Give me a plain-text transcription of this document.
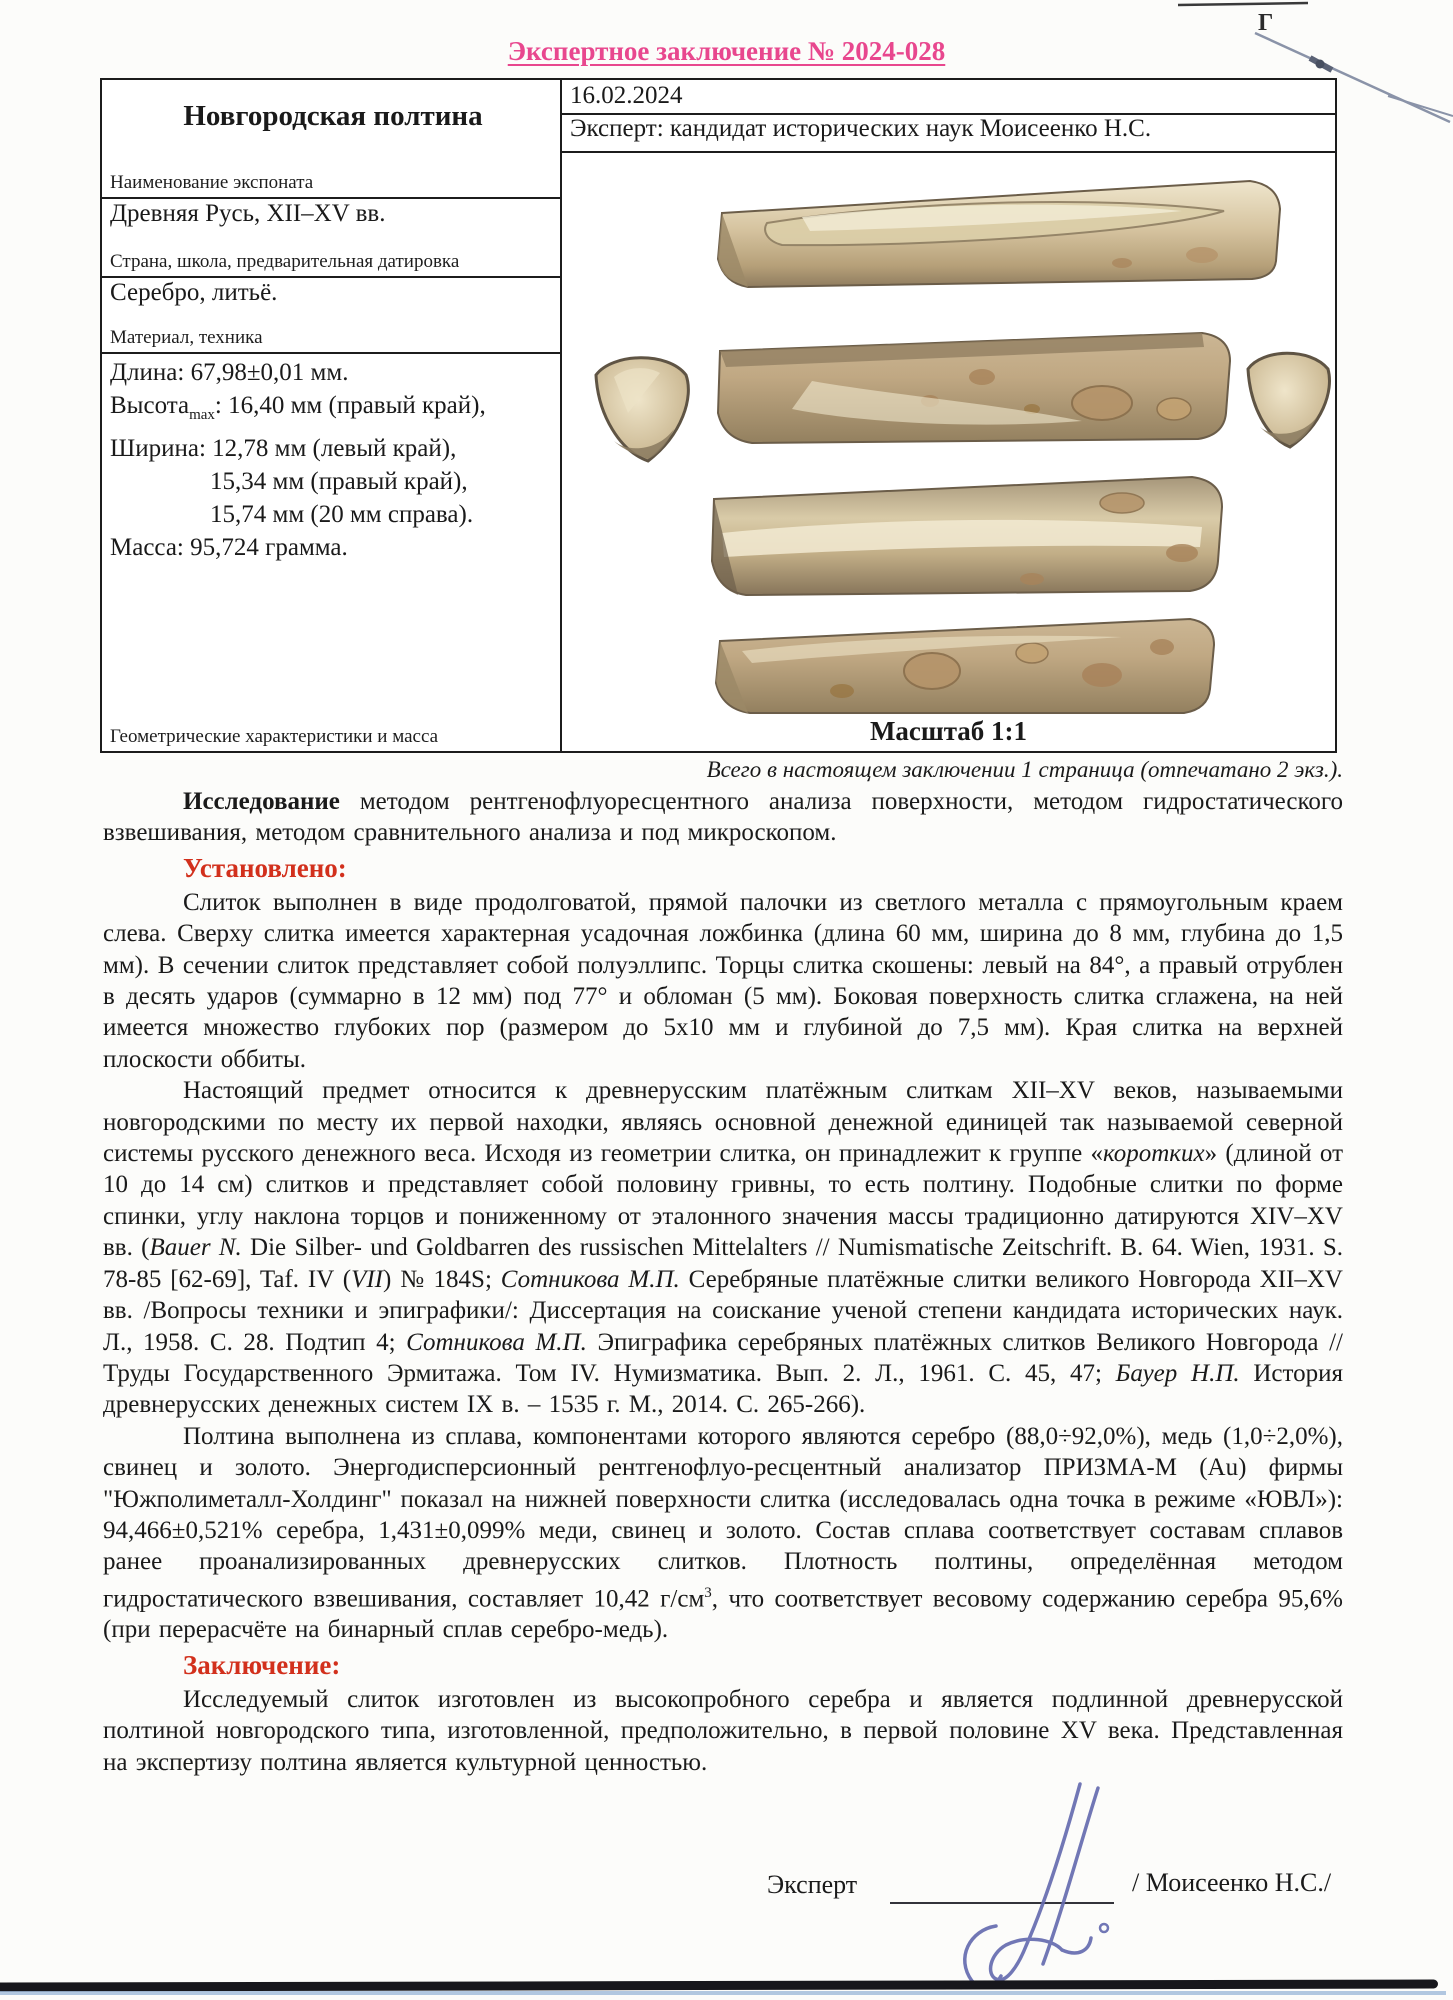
Экспертное заключение № 2024-028
Г
Новгородская полтина
Наименование экспоната
Древняя Русь, XII–XV вв.
Страна, школа, предварительная датировка
Серебро, литьё.
Материал, техника
Длина: 67,98±0,01 мм.
Высота$_{max}$: 16,40 мм (правый край),
Ширина: 12,78 мм (левый край),
15,34 мм (правый край),
15,74 мм (20 мм справа).
Масса: 95,724 грамма.
Геометрические характеристики и масса
16.02.2024
Эксперт: кандидат исторических наук Моисеенко Н.С.
Масштаб 1:1
Всего в настоящем заключении 1 страница (отпечатано 2 экз.).

Исследование методом рентгенофлуоресцентного анализа поверхности, методом гидростатического взвешивания, методом сравнительного анализа и под микроскопом.

Установлено:

Слиток выполнен в виде продолговатой, прямой палочки из светлого металла с прямоугольным краем слева. Сверху слитка имеется характерная усадочная ложбинка (длина 60 мм, ширина до 8 мм, глубина до 1,5 мм). В сечении слиток представляет собой полуэллипс. Торцы слитка скошены: левый на 84°, а правый отрублен в десять ударов (суммарно в 12 мм) под 77° и обломан (5 мм). Боковая поверхность слитка сглажена, на ней имеется множество глубоких пор (размером до 5х10 мм и глубиной до 7,5 мм). Края слитка на верхней плоскости оббиты.

Настоящий предмет относится к древнерусским платёжным слиткам XII–XV веков, называемыми новгородскими по месту их первой находки, являясь основной денежной единицей так называемой северной системы русского денежного веса. Исходя из геометрии слитка, он принадлежит к группе «коротких» (длиной от 10 до 14 см) слитков и представляет собой половину гривны, то есть полтину. Подобные слитки по форме спинки, углу наклона торцов и пониженному от эталонного значения массы традиционно датируются XIV–XV вв. (Bauer N. Die Silber- und Goldbarren des russischen Mittelalters // Numismatische Zeitschrift. B. 64. Wien, 1931. S. 78-85 [62-69], Taf. IV (VII) № 184S; Сотникова М.П. Серебряные платёжные слитки великого Новгорода XII–XV вв. /Вопросы техники и эпиграфики/: Диссертация на соискание ученой степени кандидата исторических наук. Л., 1958. С. 28. Подтип 4; Сотникова М.П. Эпиграфика серебряных платёжных слитков Великого Новгорода // Труды Государственного Эрмитажа. Том IV. Нумизматика. Вып. 2. Л., 1961. С. 45, 47; Бауер Н.П. История древнерусских денежных систем IX в. – 1535 г. М., 2014. С. 265-266).

Полтина выполнена из сплава, компонентами которого являются серебро (88,0÷92,0%), медь (1,0÷2,0%), свинец и золото. Энергодисперсионный рентгенофлуо-ресцентный анализатор ПРИЗМА-М (Au) фирмы "Южполиметалл-Холдинг" показал на нижней поверхности слитка (исследовалась одна точка в режиме «ЮВЛ»): 94,466±0,521% серебра, 1,431±0,099% меди, свинец и золото. Состав сплава соответствует составам сплавов ранее проанализированных древнерусских слитков. Плотность полтины, определённая методом гидростатического взвешивания, составляет 10,42 $г/см^3$, что соответствует весовому содержанию серебра 95,6% (при перерасчёте на бинарный сплав серебро-медь).

Заключение:

Исследуемый слиток изготовлен из высокопробного серебра и является подлинной древнерусской полтиной новгородского типа, изготовленной, предположительно, в первой половине XV века. Представленная на экспертизу полтина является культурной ценностью.

Эксперт	/ Моисеенко Н.С./
